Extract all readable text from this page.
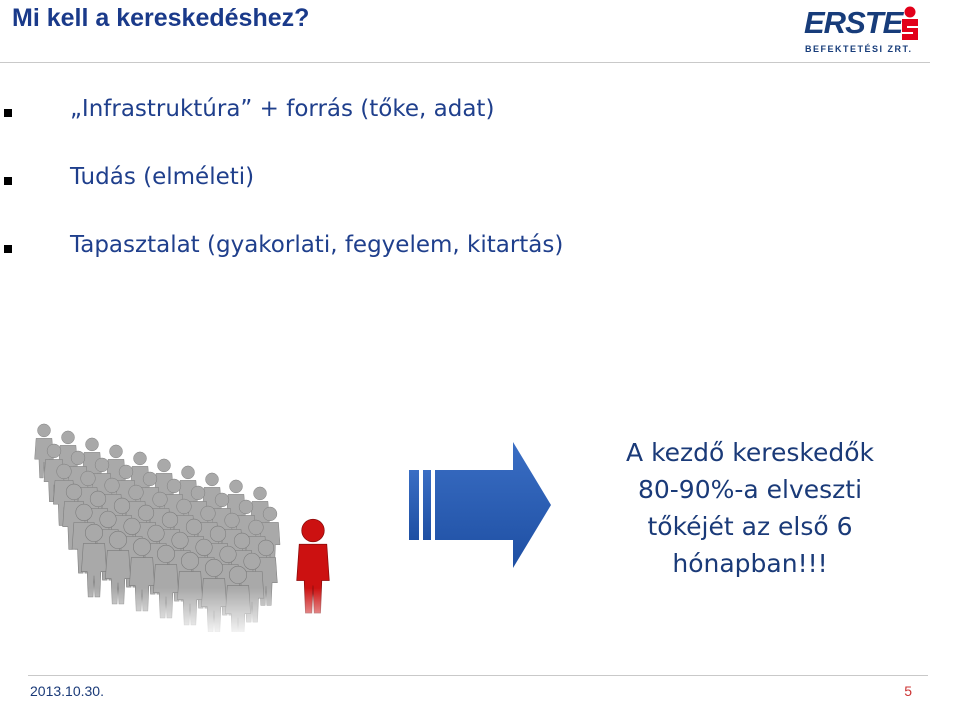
Mi kell a kereskedéshez?	ERSTE
BEFEKTETÉSI ZRT.
„Infrastruktúra” + forrás (tőke, adat)
Tudás (elméleti)
Tapasztalat (gyakorlati, fegyelem, kitartás)
A kezdő kereskedők
80-90%-a elveszti
tőkéjét az első 6
hónapban!!!
2013.10.30.	5
